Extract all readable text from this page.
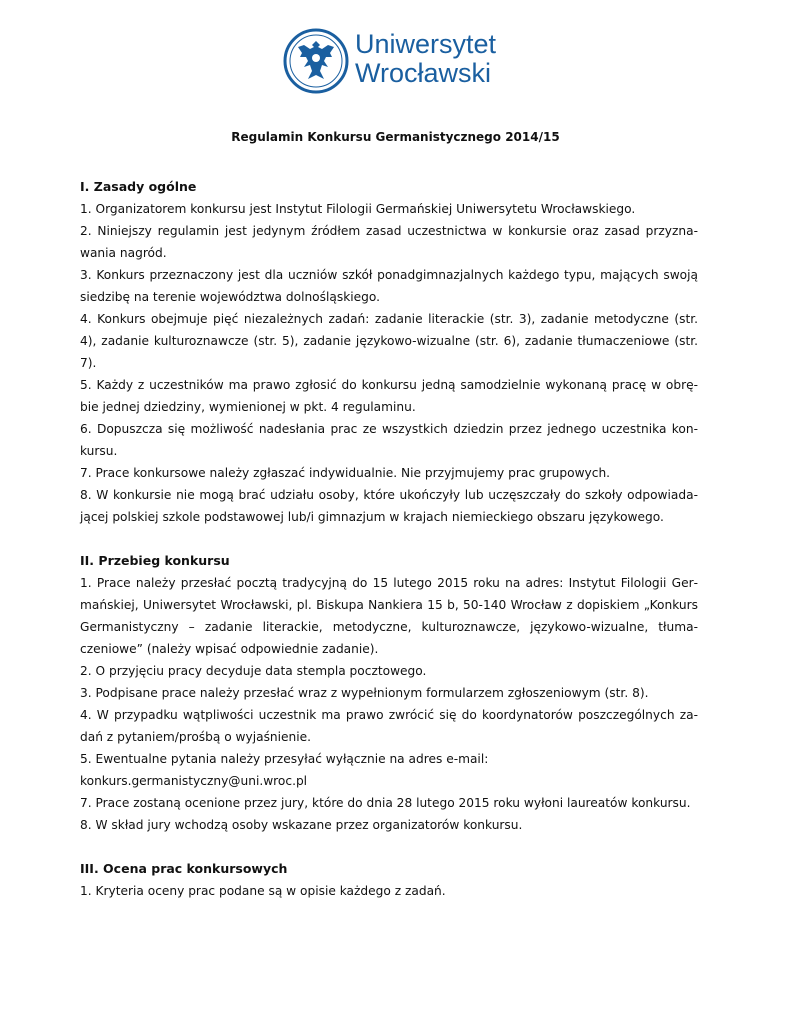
Uniwersytet
Wrocławski
Regulamin Konkursu Germanistycznego 2014/15

I. Zasady ogólne

1. Organizatorem konkursu jest Instytut Filologii Germańskiej Uniwersytetu Wrocławskiego.

2. Niniejszy regulamin jest jedynym źródłem zasad uczestnictwa w konkursie oraz zasad przyznawania nagród.

3. Konkurs przeznaczony jest dla uczniów szkół ponadgimnazjalnych każdego typu, mających swoją siedzibę na terenie województwa dolnośląskiego.

4. Konkurs obejmuje pięć niezależnych zadań: zadanie literackie (str. 3), zadanie metodyczne (str. 4), zadanie kulturoznawcze (str. 5), zadanie językowo-wizualne (str. 6), zadanie tłumaczeniowe (str. 7).

5. Każdy z uczestników ma prawo zgłosić do konkursu jedną samodzielnie wykonaną pracę w obrębie jednej dziedziny, wymienionej w pkt. 4 regulaminu.

6. Dopuszcza się możliwość nadesłania prac ze wszystkich dziedzin przez jednego uczestnika konkursu.

7. Prace konkursowe należy zgłaszać indywidualnie. Nie przyjmujemy prac grupowych.

8. W konkursie nie mogą brać udziału osoby, które ukończyły lub uczęszczały do szkoły odpowiadającej polskiej szkole podstawowej lub/i gimnazjum w krajach niemieckiego obszaru językowego.

II. Przebieg konkursu

1. Prace należy przesłać pocztą tradycyjną do 15 lutego 2015 roku na adres: Instytut Filologii Germańskiej, Uniwersytet Wrocławski, pl. Biskupa Nankiera 15 b, 50-140 Wrocław z dopiskiem „Konkurs Germanistyczny – zadanie literackie, metodyczne, kulturoznawcze, językowo-wizualne, tłumaczeniowe” (należy wpisać odpowiednie zadanie).

2. O przyjęciu pracy decyduje data stempla pocztowego.

3. Podpisane prace należy przesłać wraz z wypełnionym formularzem zgłoszeniowym (str. 8).

4. W przypadku wątpliwości uczestnik ma prawo zwrócić się do koordynatorów poszczególnych zadań z pytaniem/prośbą o wyjaśnienie.

5. Ewentualne pytania należy przesyłać wyłącznie na adres e-mail:

konkurs.germanistyczny@uni.wroc.pl

7. Prace zostaną ocenione przez jury, które do dnia 28 lutego 2015 roku wyłoni laureatów konkursu.

8. W skład jury wchodzą osoby wskazane przez organizatorów konkursu.

III. Ocena prac konkursowych

1. Kryteria oceny prac podane są w opisie każdego z zadań.
